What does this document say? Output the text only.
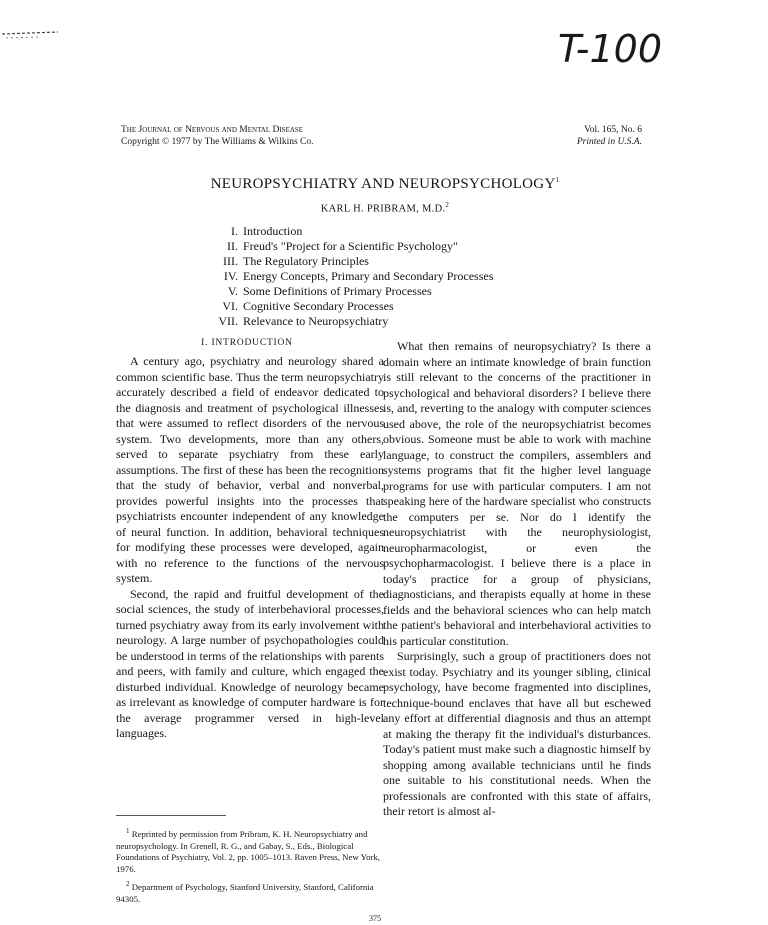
T-100
The Journal of Nervous and Mental Disease
Copyright © 1977 by The Williams & Wilkins Co.
Vol. 165, No. 6
Printed in U.S.A.
NEUROPSYCHIATRY AND NEUROPSYCHOLOGY$^1$
KARL H. PRIBRAM, M.D.$^2$
I. Introduction
II. Freud's "Project for a Scientific Psychology"
III. The Regulatory Principles
IV. Energy Concepts, Primary and Secondary Processes
V. Some Definitions of Primary Processes
VI. Cognitive Secondary Processes
VII. Relevance to Neuropsychiatry
I. INTRODUCTION

A century ago, psychiatry and neurology shared a common scientific base. Thus the term neuropsychiatry accurately described a field of endeavor dedicated to the diagnosis and treatment of psychological illnesses that were assumed to reflect disorders of the nervous system. Two developments, more than any others, served to separate psychiatry from these early assumptions. The first of these has been the recognition that the study of behavior, verbal and nonverbal, provides powerful insights into the processes that psychiatrists encounter independent of any knowledge of neural function. In addition, behavioral techniques for modifying these processes were developed, again with no reference to the functions of the nervous system.

Second, the rapid and fruitful development of the social sciences, the study of interbehavioral processes, turned psychiatry away from its early involvement with neurology. A large number of psychopathologies could be understood in terms of the relationships with parents and peers, with family and culture, which engaged the disturbed individual. Knowledge of neurology became as irrelevant as knowledge of computer hardware is for the average programmer versed in high-level languages.

What then remains of neuropsychiatry? Is there a domain where an intimate knowledge of brain function is still relevant to the concerns of the practitioner in psychological and behavioral disorders? I believe there is, and, reverting to the analogy with computer sciences used above, the role of the neuropsychiatrist becomes obvious. Someone must be able to work with machine language, to construct the compilers, assemblers and systems programs that fit the higher level language programs for use with particular computers. I am not speaking here of the hardware specialist who constructs the computers per se. Nor do I identify the neuropsychiatrist with the neurophysiologist, neuropharmacologist, or even the psychopharmacologist. I believe there is a place in today's practice for a group of physicians, diagnosticians, and therapists equally at home in these fields and the behavioral sciences who can help match the patient's behavioral and interbehavioral activities to his particular constitution.

Surprisingly, such a group of practitioners does not exist today. Psychiatry and its younger sibling, clinical psychology, have become fragmented into disciplines, technique-bound enclaves that have all but eschewed any effort at differential diagnosis and thus an attempt at making the therapy fit the individual's disturbances. Today's patient must make such a diagnostic himself by shopping among available technicians until he finds one suitable to his constitutional needs. When the professionals are confronted with this state of affairs, their retort is almost al-

$^1$ Reprinted by permission from Pribram, K. H. Neuropsychiatry and neuropsychology. In Grenell, R. G., and Gabay, S., Eds., Biological Foundations of Psychiatry, Vol. 2, pp. 1005–1013. Raven Press, New York, 1976.

$^2$ Department of Psychology, Stanford University, Stanford, California 94305.

375
